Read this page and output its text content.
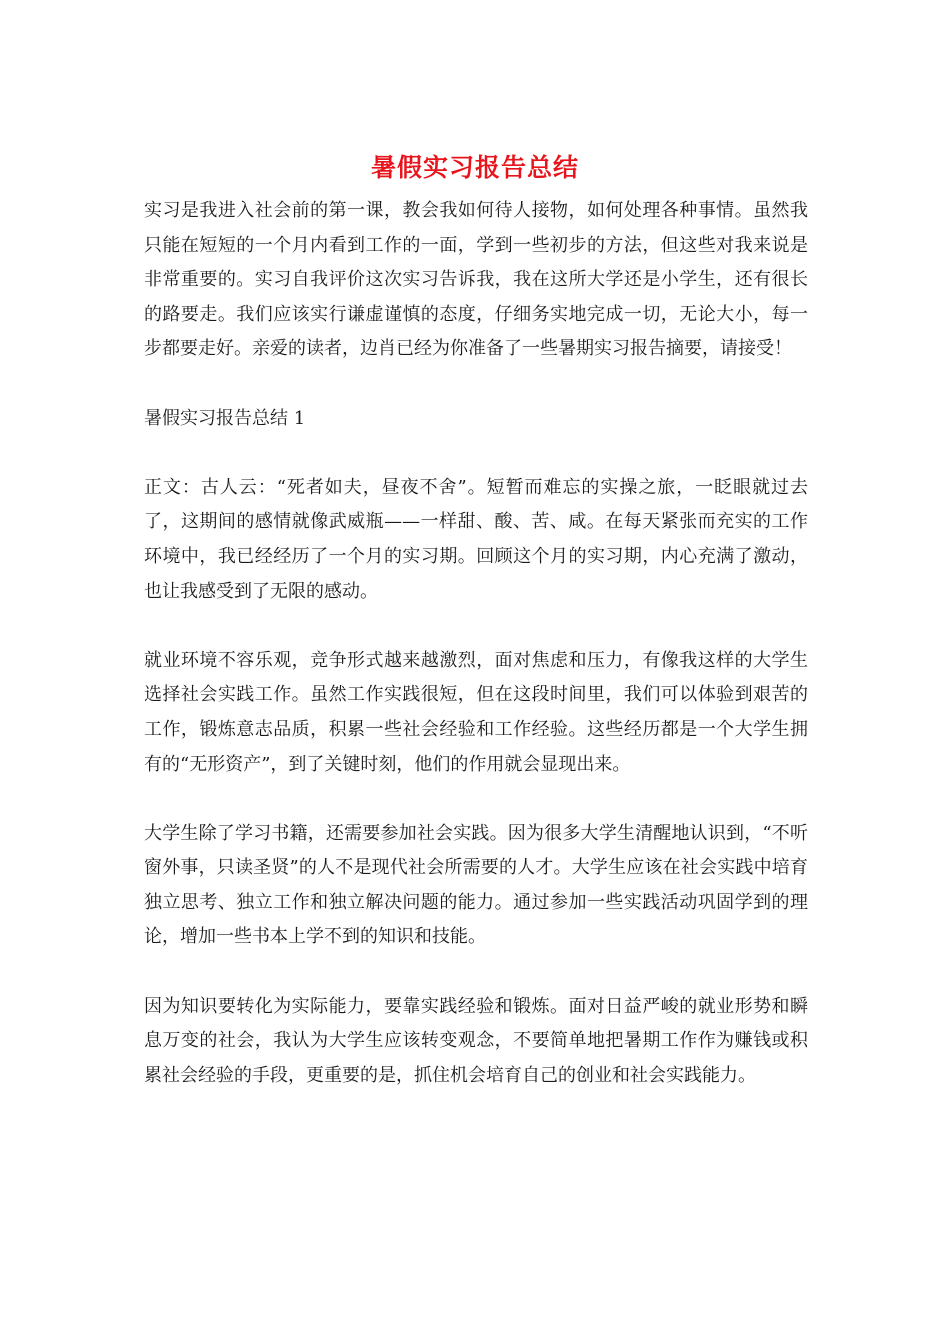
暑假实习报告总结

实习是我进入社会前的第一课，教会我如何待人接物，如何处理各种事情。虽然我只能在短短的一个月内看到工作的一面，学到一些初步的方法，但这些对我来说是非常重要的。实习自我评价这次实习告诉我，我在这所大学还是小学生，还有很长的路要走。我们应该实行谦虚谨慎的态度，仔细务实地完成一切，无论大小，每一步都要走好。亲爱的读者，边肖已经为你准备了一些暑期实习报告摘要，请接受！

暑假实习报告总结 1

正文：古人云：“死者如夫，昼夜不舍”。短暂而难忘的实操之旅，一眨眼就过去了，这期间的感情就像武威瓶——一样甜、酸、苦、咸。在每天紧张而充实的工作环境中，我已经经历了一个月的实习期。回顾这个月的实习期，内心充满了激动，也让我感受到了无限的感动。

就业环境不容乐观，竞争形式越来越激烈，面对焦虑和压力，有像我这样的大学生选择社会实践工作。虽然工作实践很短，但在这段时间里，我们可以体验到艰苦的工作，锻炼意志品质，积累一些社会经验和工作经验。这些经历都是一个大学生拥有的“无形资产”，到了关键时刻，他们的作用就会显现出来。

大学生除了学习书籍，还需要参加社会实践。因为很多大学生清醒地认识到，“不听窗外事，只读圣贤”的人不是现代社会所需要的人才。大学生应该在社会实践中培育独立思考、独立工作和独立解决问题的能力。通过参加一些实践活动巩固学到的理论，增加一些书本上学不到的知识和技能。

因为知识要转化为实际能力，要靠实践经验和锻炼。面对日益严峻的就业形势和瞬息万变的社会，我认为大学生应该转变观念，不要简单地把暑期工作作为赚钱或积累社会经验的手段，更重要的是，抓住机会培育自己的创业和社会实践能力。
